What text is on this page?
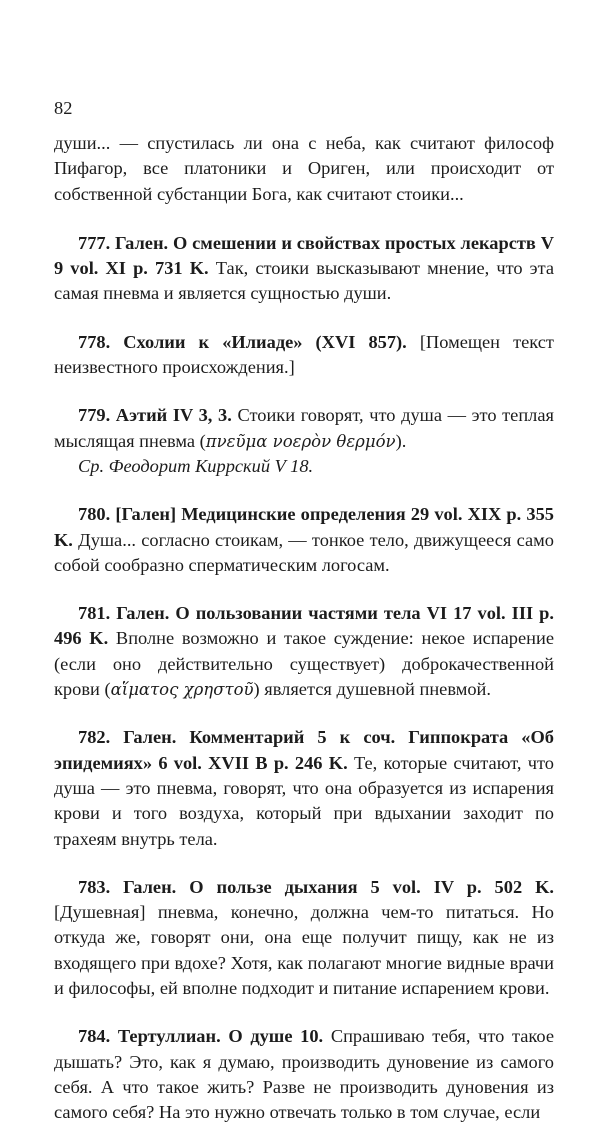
82

души... — спустилась ли она с неба, как считают философ Пифагор, все платоники и Ориген, или происходит от собственной субстанции Бога, как считают стоики...

777. Гален. О смешении и свойствах простых лекарств V 9 vol. XI p. 731 K. Так, стоики высказывают мнение, что эта самая пневма и является сущностью души.

778. Схолии к «Илиаде» (XVI 857). [Помещен текст неизвестного происхождения.]

779. Аэтий IV 3, 3. Стоики говорят, что душа — это теплая мыслящая пневма (πνεῦμα νοερὸν θερμόν).

Ср. Феодорит Киррский V 18.

780. [Гален] Медицинские определения 29 vol. XIX p. 355 K. Душа... согласно стоикам, — тонкое тело, движущееся само собой сообразно сперматическим логосам.

781. Гален. О пользовании частями тела VI 17 vol. III p. 496 K. Вполне возможно и такое суждение: некое испарение (если оно действительно существует) доброкачественной крови (αἵματος χρηστοῦ) является душевной пневмой.

782. Гален. Комментарий 5 к соч. Гиппократа «Об эпидемиях» 6 vol. XVII B p. 246 K. Те, которые считают, что душа — это пневма, говорят, что она образуется из испарения крови и того воздуха, который при вдыхании заходит по трахеям внутрь тела.

783. Гален. О пользе дыхания 5 vol. IV p. 502 K. [Душевная] пневма, конечно, должна чем-то питаться. Но откуда же, говорят они, она еще получит пищу, как не из входящего при вдохе? Хотя, как полагают многие видные врачи и философы, ей вполне подходит и питание испарением крови.

784. Тертуллиан. О душе 10. Спрашиваю тебя, что такое дышать? Это, как я думаю, производить дуновение из самого себя. А что такое жить? Разве не производить дуновения из самого себя? На это нужно отвечать только в том случае, если
